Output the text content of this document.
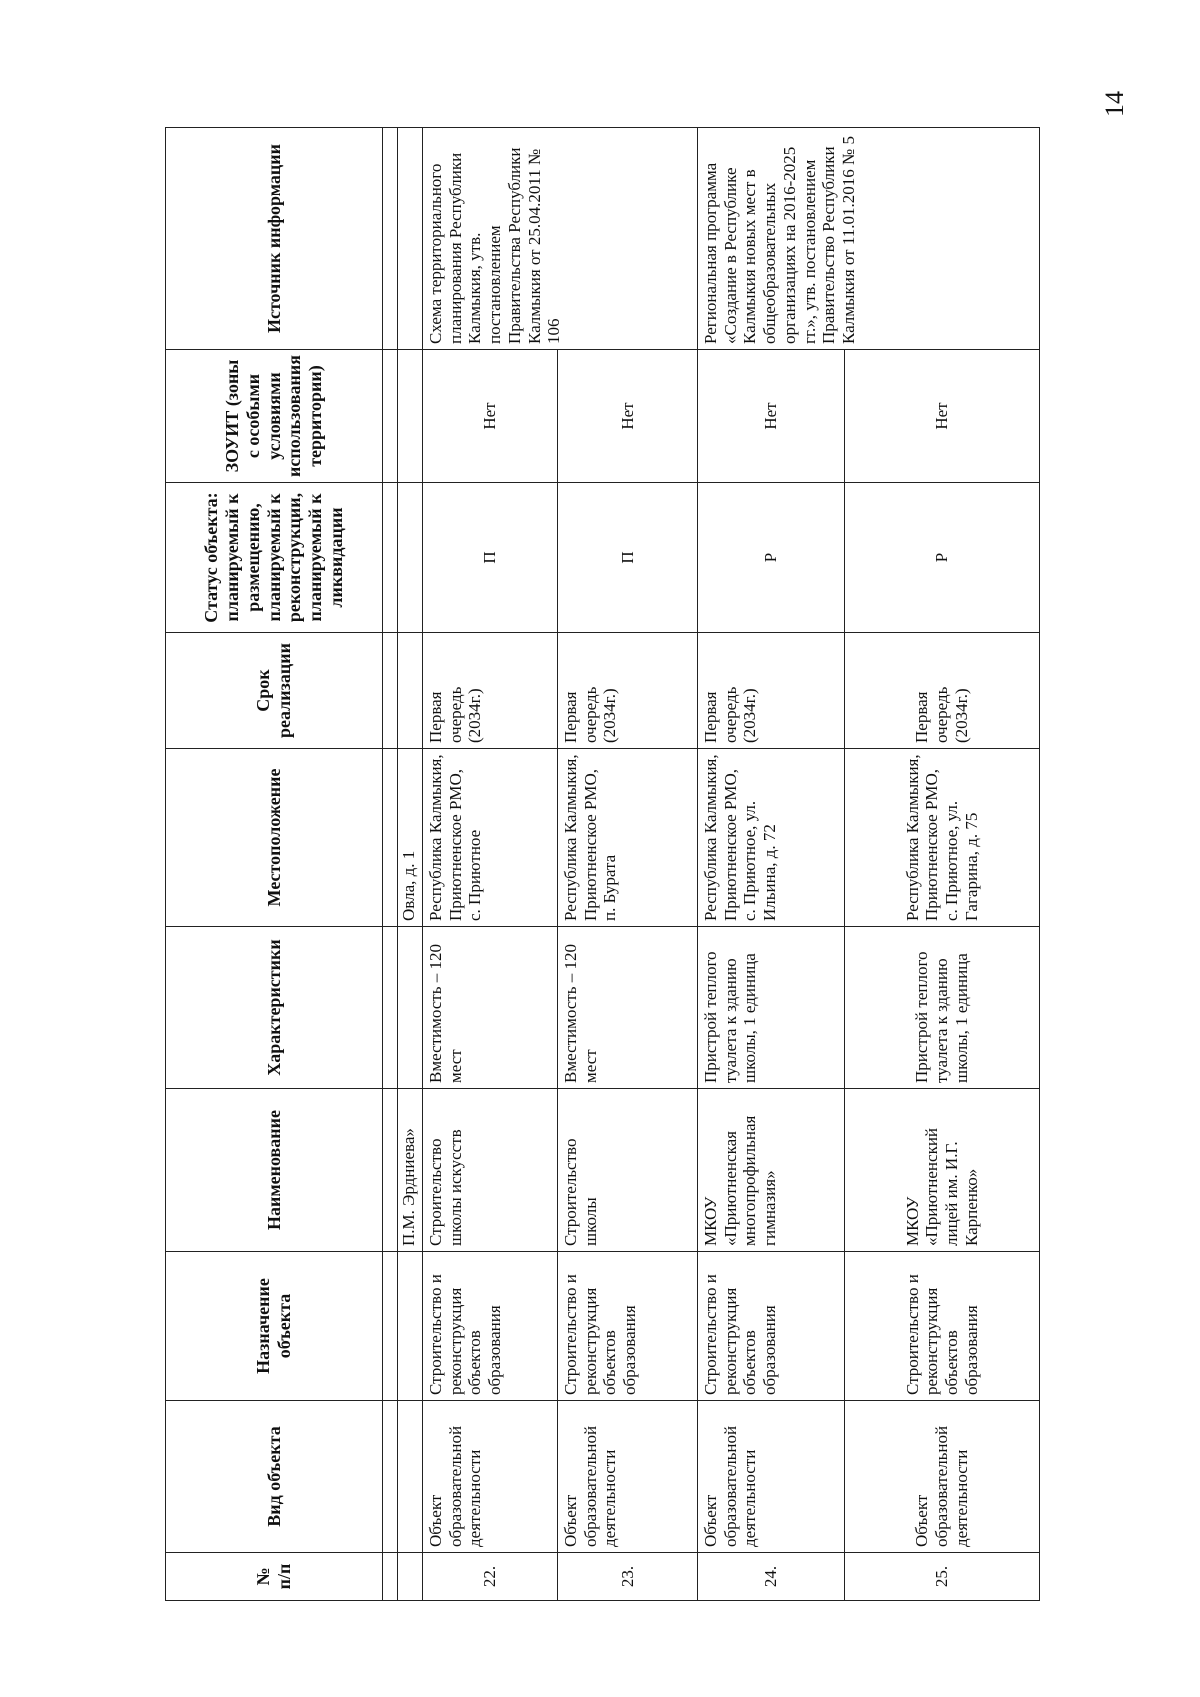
№ п/п	Вид объекта	Назначение объекта	Наименование	Характеристики	Местоположение	Срок реализации	Статус объекта: планируемый к размещению, планируемый к реконструкции, планируемый к ликвидации	ЗОУИТ (зоны с особыми условиями использования территории)	Источник информации

			П.М. Эрдниева»		Овла, д. 1				
22.	Объект образовательной деятельности	Строительство и реконструкция объектов образования	Строительство школы искусств	Вместимость – 120 мест	Республика Калмыкия, Приютненское РМО, с. Приютное	Первая очередь (2034г.)	П	Нет	Схема территориального планирования Республики Калмыкия, утв. постановлением Правительства Республики Калмыкия от 25.04.2011 № 106
23.	Объект образовательной деятельности	Строительство и реконструкция объектов образования	Строительство школы	Вместимость – 120 мест	Республика Калмыкия, Приютненское РМО, п. Бурата	Первая очередь (2034г.)	П	Нет	
24.	Объект образовательной деятельности	Строительство и реконструкция объектов образования	МКОУ «Приютненская многопрофильная гимназия»	Пристрой теплого туалета к зданию школы, 1 единица	Республика Калмыкия, Приютненское РМО, с. Приютное, ул. Ильина, д. 72	Первая очередь (2034г.)	Р	Нет	Региональная программа «Создание в Республике Калмыкия новых мест в общеобразовательных организациях на 2016-2025 гг.», утв. постановлением Правительство Республики Калмыкия от 11.01.2016 № 5
25.	Объект образовательной деятельности	Строительство и реконструкция объектов образования	МКОУ «Приютненский лицей им. И.Г. Карпенко»	Пристрой теплого туалета к зданию школы, 1 единица	Республика Калмыкия, Приютненское РМО, с. Приютное, ул. Гагарина, д. 75	Первая очередь (2034г.)	Р	Нет	
14
